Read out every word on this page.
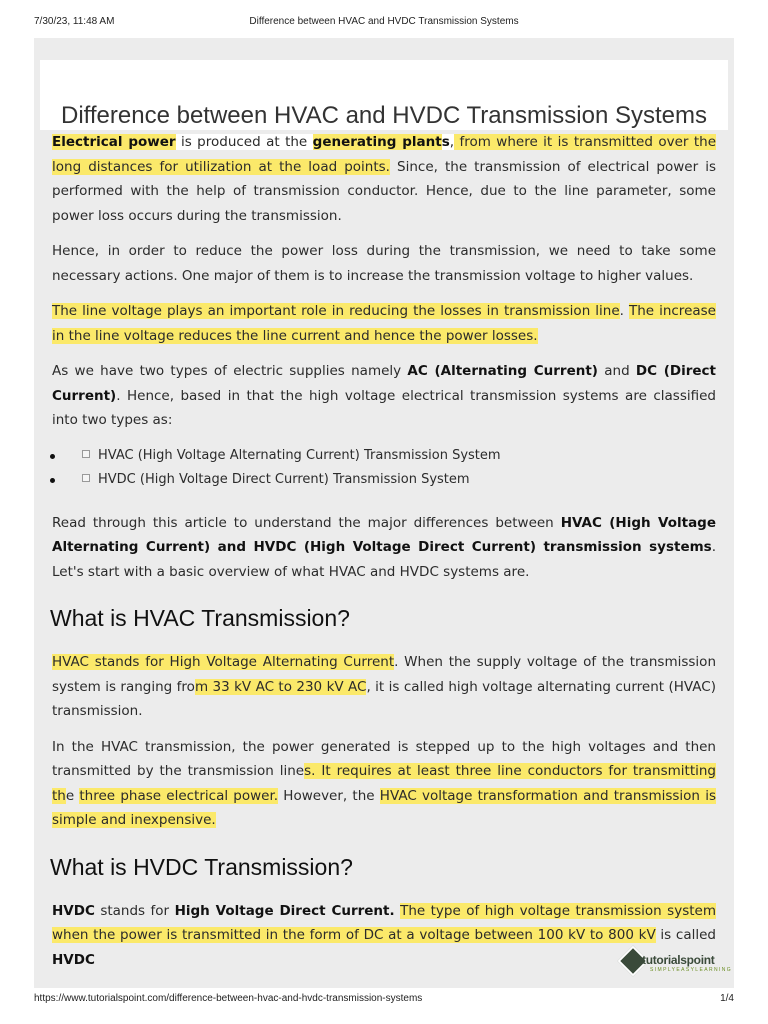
7/30/23, 11:48 AM	Difference between HVAC and HVDC Transmission Systems
Difference between HVAC and HVDC Transmission Systems

Electrical power is produced at the generating plants, from where it is transmitted over the long distances for utilization at the load points. Since, the transmission of electrical power is performed with the help of transmission conductor. Hence, due to the line parameter, some power loss occurs during the transmission.

Hence, in order to reduce the power loss during the transmission, we need to take some necessary actions. One major of them is to increase the transmission voltage to higher values.

The line voltage plays an important role in reducing the losses in transmission line. The increase in the line voltage reduces the line current and hence the power losses.

As we have two types of electric supplies namely AC (Alternating Current) and DC (Direct Current). Hence, based in that the high voltage electrical transmission systems are classified into two types as:

HVAC (High Voltage Alternating Current) Transmission System
HVDC (High Voltage Direct Current) Transmission System

Read through this article to understand the major differences between HVAC (High Voltage Alternating Current) and HVDC (High Voltage Direct Current) transmission systems. Let's start with a basic overview of what HVAC and HVDC systems are.

What is HVAC Transmission?

HVAC stands for High Voltage Alternating Current. When the supply voltage of the transmission system is ranging from 33 kV AC to 230 kV AC, it is called high voltage alternating current (HVAC) transmission.

In the HVAC transmission, the power generated is stepped up to the high voltages and then transmitted by the transmission lines. It requires at least three line conductors for transmitting the three phase electrical power. However, the HVAC voltage transformation and transmission is simple and inexpensive.

What is HVDC Transmission?

HVDC stands for High Voltage Direct Current. The type of high voltage transmission system when the power is transmitted in the form of DC at a voltage between 100 kV to 800 kV is called HVDC	tutorialspoint
SIMPLYEASYLEARNING
https://www.tutorialspoint.com/difference-between-hvac-and-hvdc-transmission-systems	1/4
